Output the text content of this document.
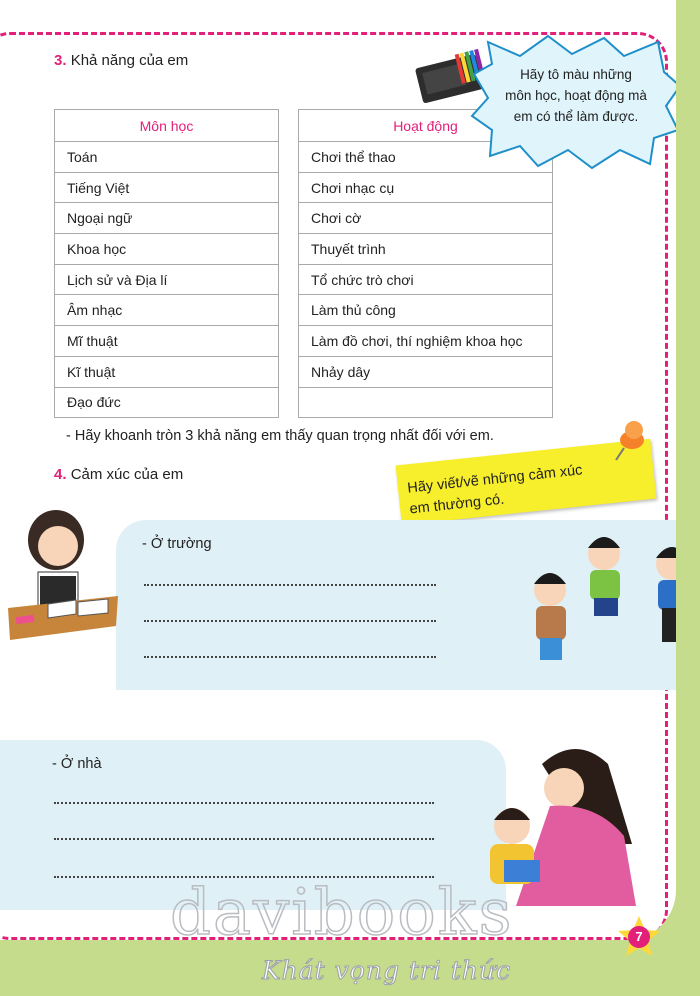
3. Khả năng của em
Môn học
Toán
Tiếng Việt
Ngoại ngữ
Khoa học
Lịch sử và Địa lí
Âm nhạc
Mĩ thuật
Kĩ thuật
Đạo đức
Hoạt động
Chơi thể thao
Chơi nhạc cụ
Chơi cờ
Thuyết trình
Tổ chức trò chơi
Làm thủ công
Làm đồ chơi, thí nghiệm khoa học
Nhảy dây

Hãy tô màu những
môn học, hoạt động mà
em có thể làm được.
- Hãy khoanh tròn 3 khả năng em thấy quan trọng nhất đối với em.
4. Cảm xúc của em	Hãy viết/vẽ những cảm xúc
em thường có.
- Ở trường
- Ở nhà
davibooks	7
Khát vọng tri thức
